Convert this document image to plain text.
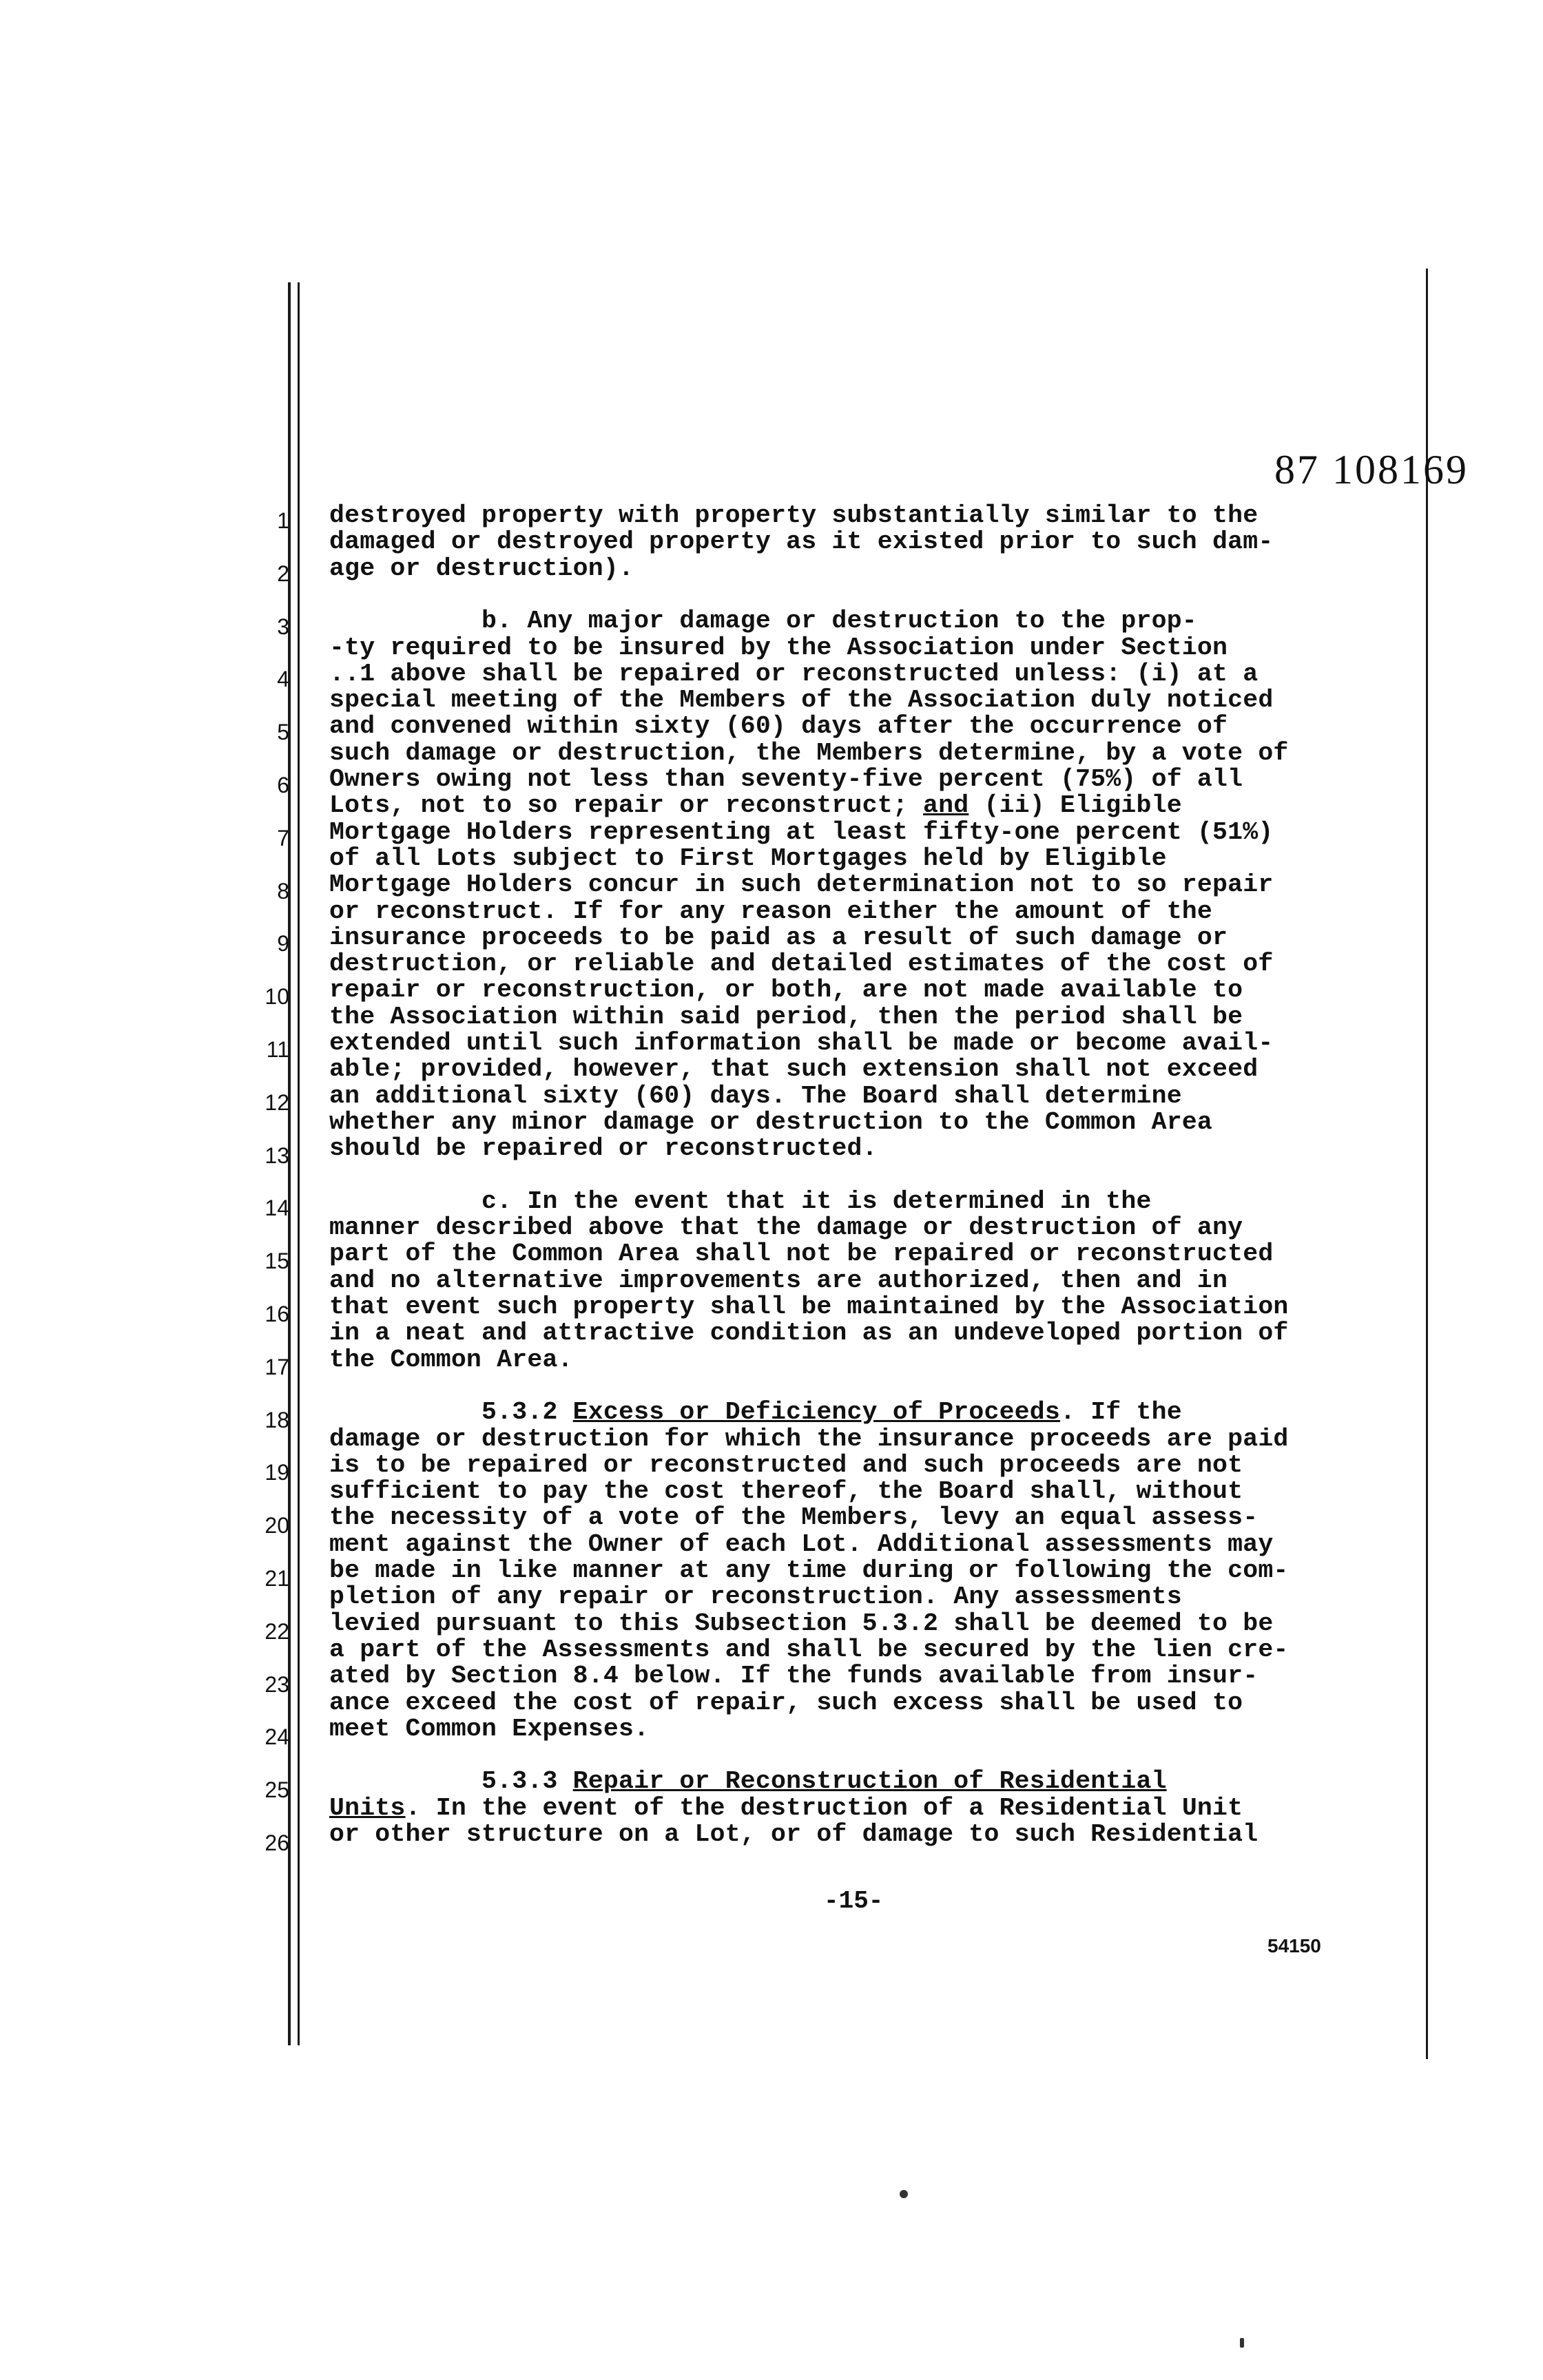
87 108169
1
2
3
4
5
6
7
8
9
10
11
12
13
14
15
16
17
18
19
20
21
22
23
24
25
26
destroyed property with property substantially similar to the
damaged or destroyed property as it existed prior to such dam-
age or destruction).
b. Any major damage or destruction to the prop-
-ty required to be insured by the Association under Section
..1 above shall be repaired or reconstructed unless: (i) at a
special meeting of the Members of the Association duly noticed
and convened within sixty (60) days after the occurrence of
such damage or destruction, the Members determine, by a vote of
Owners owing not less than seventy-five percent (75%) of all
Lots, not to so repair or reconstruct; and (ii) Eligible
Mortgage Holders representing at least fifty-one percent (51%)
of all Lots subject to First Mortgages held by Eligible
Mortgage Holders concur in such determination not to so repair
or reconstruct. If for any reason either the amount of the
insurance proceeds to be paid as a result of such damage or
destruction, or reliable and detailed estimates of the cost of
repair or reconstruction, or both, are not made available to
the Association within said period, then the period shall be
extended until such information shall be made or become avail-
able; provided, however, that such extension shall not exceed
an additional sixty (60) days. The Board shall determine
whether any minor damage or destruction to the Common Area
should be repaired or reconstructed.
c. In the event that it is determined in the
manner described above that the damage or destruction of any
part of the Common Area shall not be repaired or reconstructed
and no alternative improvements are authorized, then and in
that event such property shall be maintained by the Association
in a neat and attractive condition as an undeveloped portion of
the Common Area.
5.3.2 Excess or Deficiency of Proceeds. If the
damage or destruction for which the insurance proceeds are paid
is to be repaired or reconstructed and such proceeds are not
sufficient to pay the cost thereof, the Board shall, without
the necessity of a vote of the Members, levy an equal assess-
ment against the Owner of each Lot. Additional assessments may
be made in like manner at any time during or following the com-
pletion of any repair or reconstruction. Any assessments
levied pursuant to this Subsection 5.3.2 shall be deemed to be
a part of the Assessments and shall be secured by the lien cre-
ated by Section 8.4 below. If the funds available from insur-
ance exceed the cost of repair, such excess shall be used to
meet Common Expenses.
5.3.3 Repair or Reconstruction of Residential
Units. In the event of the destruction of a Residential Unit
or other structure on a Lot, or of damage to such Residential
-15-
54150
